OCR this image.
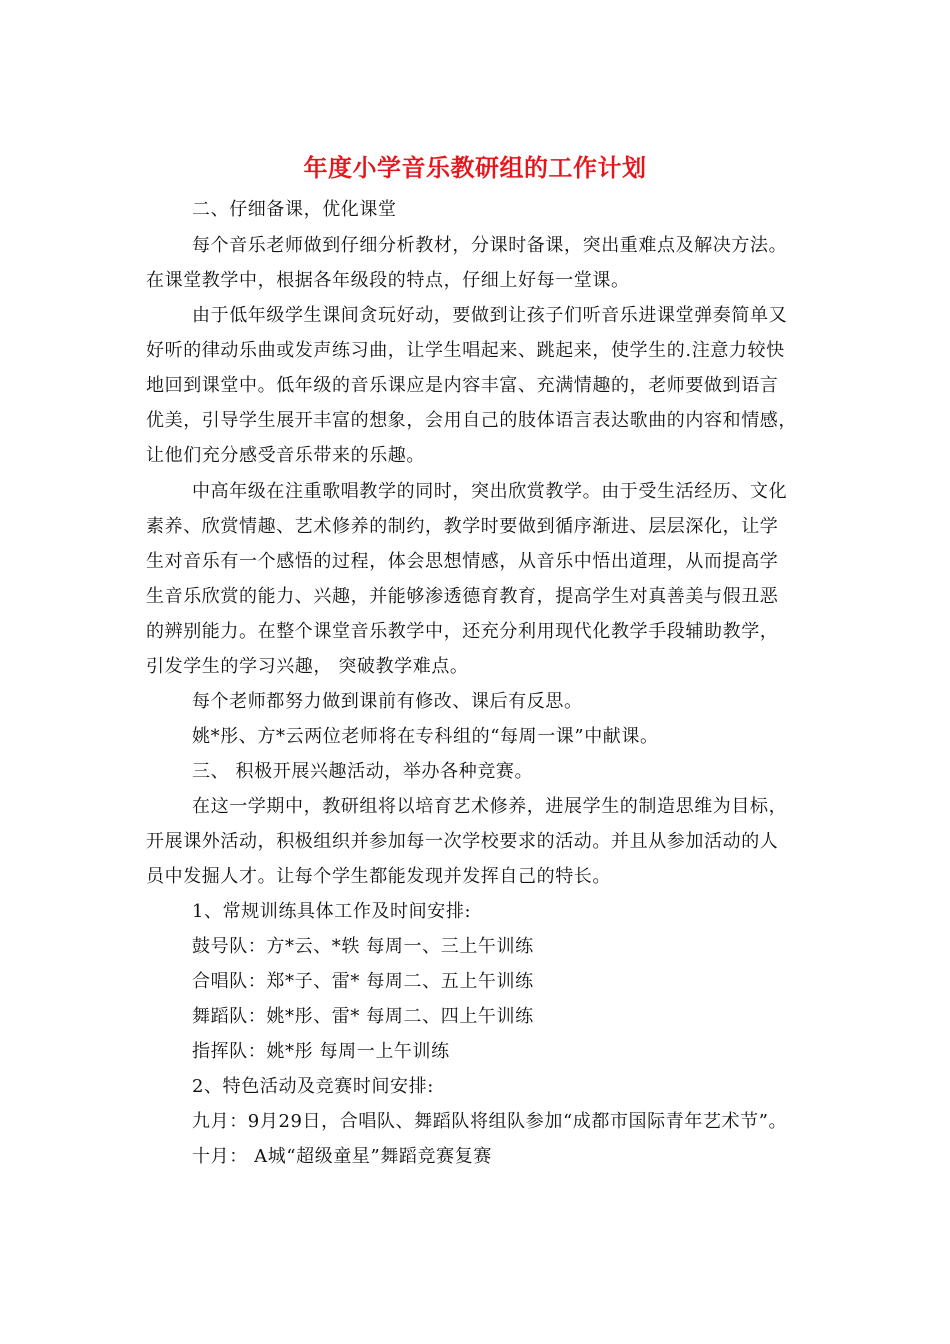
年度小学音乐教研组的工作计划
二、仔细备课，优化课堂
每个音乐老师做到仔细分析教材，分课时备课，突出重难点及解决方法。
在课堂教学中，根据各年级段的特点，仔细上好每一堂课。
由于低年级学生课间贪玩好动，要做到让孩子们听音乐进课堂弹奏简单又
好听的律动乐曲或发声练习曲，让学生唱起来、跳起来，使学生的.注意力较快
地回到课堂中。低年级的音乐课应是内容丰富、充满情趣的，老师要做到语言
优美，引导学生展开丰富的想象，会用自己的肢体语言表达歌曲的内容和情感，
让他们充分感受音乐带来的乐趣。
中高年级在注重歌唱教学的同时，突出欣赏教学。由于受生活经历、文化
素养、欣赏情趣、艺术修养的制约，教学时要做到循序渐进、层层深化，让学
生对音乐有一个感悟的过程，体会思想情感，从音乐中悟出道理，从而提高学
生音乐欣赏的能力、兴趣，并能够渗透德育教育，提高学生对真善美与假丑恶
的辨别能力。在整个课堂音乐教学中，还充分利用现代化教学手段辅助教学，
引发学生的学习兴趣， 突破教学难点。
每个老师都努力做到课前有修改、课后有反思。
姚*彤、方*云两位老师将在专科组的“每周一课”中献课。
三、 积极开展兴趣活动，举办各种竞赛。
在这一学期中，教研组将以培育艺术修养，进展学生的制造思维为目标，
开展课外活动，积极组织并参加每一次学校要求的活动。并且从参加活动的人
员中发掘人才。让每个学生都能发现并发挥自己的特长。
1、常规训练具体工作及时间安排:
鼓号队：方*云、*轶 每周一、三上午训练
合唱队：郑*子、雷* 每周二、五上午训练
舞蹈队：姚*彤、雷* 每周二、四上午训练
指挥队：姚*彤 每周一上午训练
2、特色活动及竞赛时间安排:
九月：9月29日，合唱队、舞蹈队将组队参加“成都市国际青年艺术节”。
十月： A城“超级童星”舞蹈竞赛复赛
